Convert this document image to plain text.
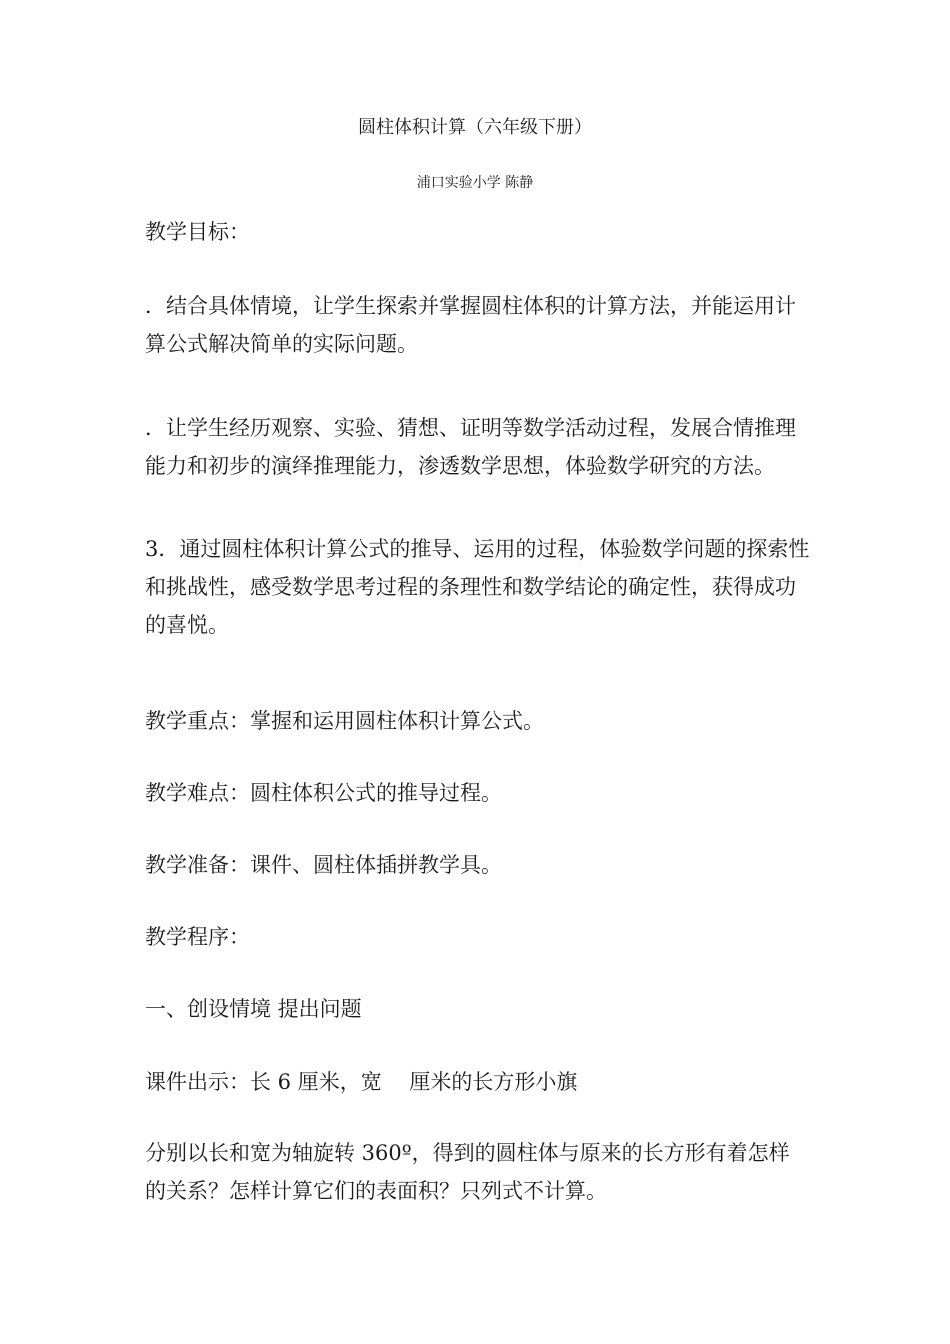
圆柱体积计算（六年级下册）
浦口实验小学 陈静

教学目标：

．结合具体情境，让学生探索并掌握圆柱体积的计算方法，并能运用计算公式解决简单的实际问题。

．让学生经历观察、实验、猜想、证明等数学活动过程，发展合情推理能力和初步的演绎推理能力，渗透数学思想，体验数学研究的方法。

3．通过圆柱体积计算公式的推导、运用的过程，体验数学问题的探索性和挑战性，感受数学思考过程的条理性和数学结论的确定性，获得成功的喜悦。

教学重点：掌握和运用圆柱体积计算公式。

教学难点：圆柱体积公式的推导过程。

教学准备：课件、圆柱体插拼教学具。

教学程序：

一、创设情境 提出问题

课件出示：长 6 厘米，宽　 厘米的长方形小旗

分别以长和宽为轴旋转 360º，得到的圆柱体与原来的长方形有着怎样的关系？怎样计算它们的表面积？只列式不计算。
